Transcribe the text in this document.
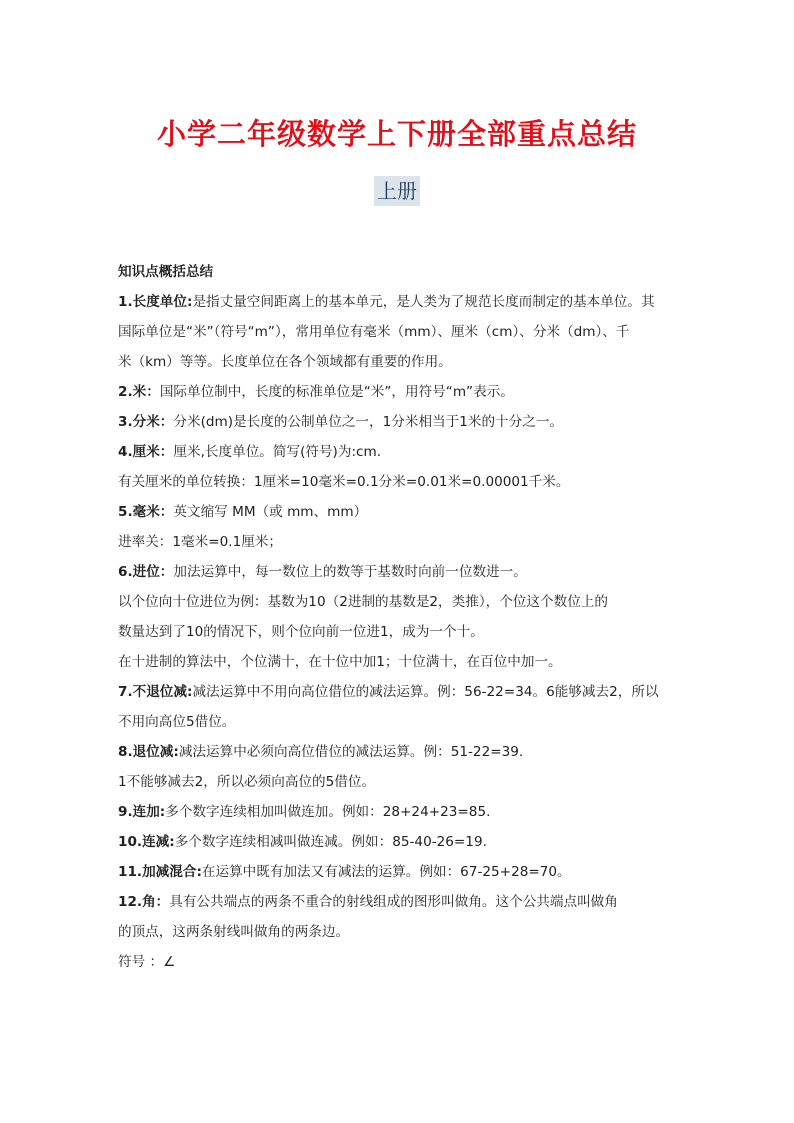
小学二年级数学上下册全部重点总结
上册
知识点概括总结
1.长度单位:是指丈量空间距离上的基本单元，是人类为了规范长度而制定的基本单位。其
国际单位是“米”（符号“m”），常用单位有毫米（mm）、厘米（cm）、分米（dm）、千
米（km）等等。长度单位在各个领域都有重要的作用。
2.米：国际单位制中，长度的标准单位是“米”，用符号“m”表示。
3.分米：分米(dm)是长度的公制单位之一，1分米相当于1米的十分之一。
4.厘米：厘米,长度单位。简写(符号)为:cm.
有关厘米的单位转换：1厘米=10毫米=0.1分米=0.01米=0.00001千米。
5.毫米：英文缩写 MM（或 mm、mm）
进率关：1毫米=0.1厘米；
6.进位：加法运算中，每一数位上的数等于基数时向前一位数进一。
以个位向十位进位为例：基数为10（2进制的基数是2，类推），个位这个数位上的
数量达到了10的情况下，则个位向前一位进1，成为一个十。
在十进制的算法中，个位满十，在十位中加1；十位满十，在百位中加一。
7.不退位减:减法运算中不用向高位借位的减法运算。例：56-22=34。6能够减去2，所以
不用向高位5借位。
8.退位减:减法运算中必须向高位借位的减法运算。例：51-22=39.
1不能够减去2，所以必须向高位的5借位。
9.连加:多个数字连续相加叫做连加。例如：28+24+23=85.
10.连减:多个数字连续相减叫做连减。例如：85-40-26=19.
11.加减混合:在运算中既有加法又有减法的运算。例如：67-25+28=70。
12.角：具有公共端点的两条不重合的射线组成的图形叫做角。这个公共端点叫做角
的顶点，这两条射线叫做角的两条边。
符号 ：∠
